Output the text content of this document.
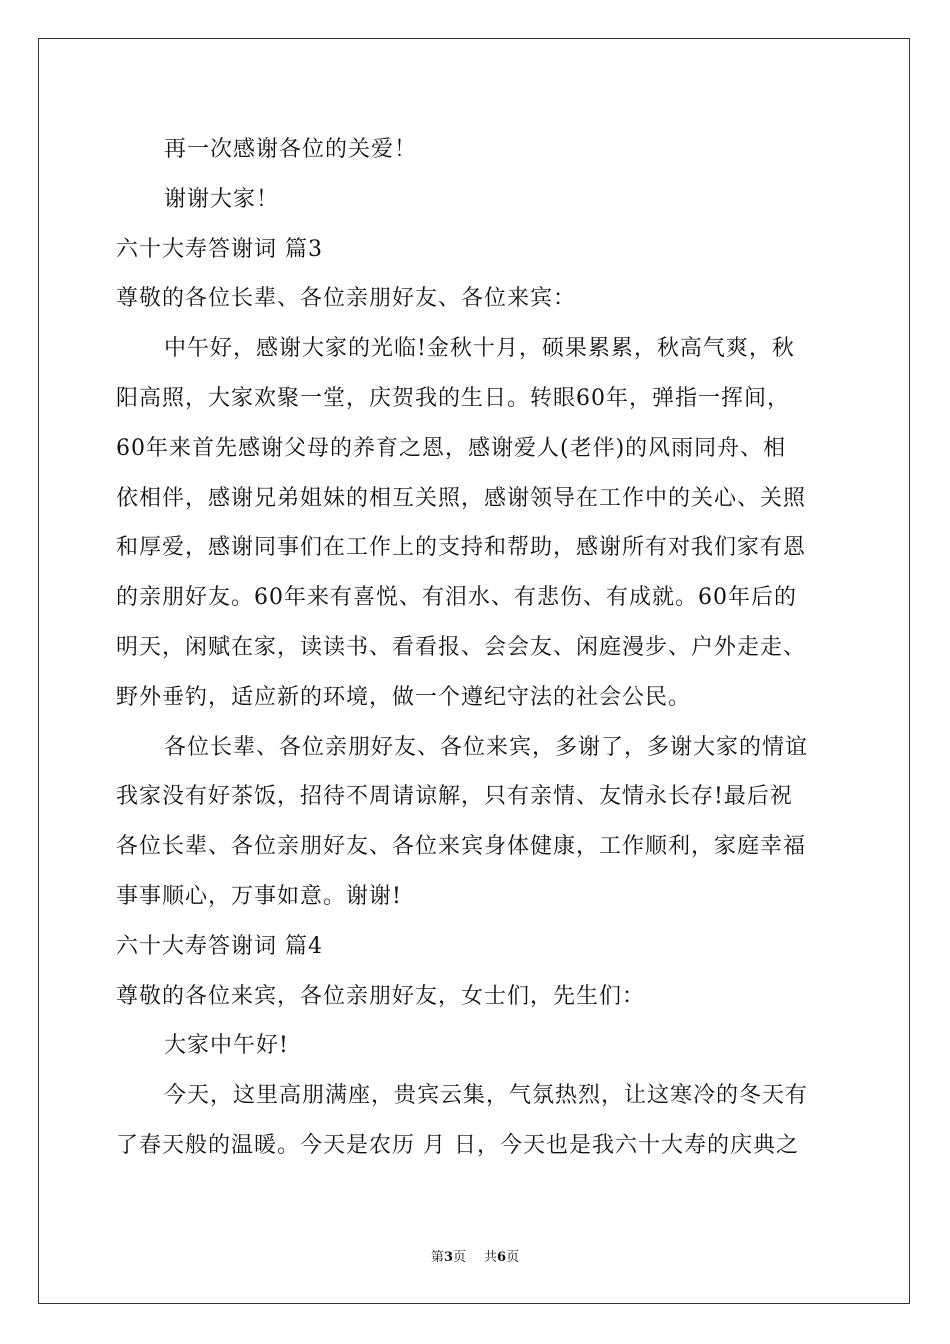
再一次感谢各位的关爱！
谢谢大家！
六十大寿答谢词 篇3
尊敬的各位长辈、各位亲朋好友、各位来宾：
中午好，感谢大家的光临!金秋十月，硕果累累，秋高气爽，秋
阳高照，大家欢聚一堂，庆贺我的生日。转眼60年，弹指一挥间，
60年来首先感谢父母的养育之恩，感谢爱人(老伴)的风雨同舟、相
依相伴，感谢兄弟姐妹的相互关照，感谢领导在工作中的关心、关照
和厚爱，感谢同事们在工作上的支持和帮助，感谢所有对我们家有恩
的亲朋好友。60年来有喜悦、有泪水、有悲伤、有成就。60年后的
明天，闲赋在家，读读书、看看报、会会友、闲庭漫步、户外走走、
野外垂钓，适应新的环境，做一个遵纪守法的社会公民。
各位长辈、各位亲朋好友、各位来宾，多谢了，多谢大家的情谊
我家没有好茶饭，招待不周请谅解，只有亲情、友情永长存!最后祝
各位长辈、各位亲朋好友、各位来宾身体健康，工作顺利，家庭幸福
事事顺心，万事如意。谢谢!
六十大寿答谢词 篇4
尊敬的各位来宾，各位亲朋好友，女士们，先生们：
大家中午好!
今天，这里高朋满座，贵宾云集，气氛热烈，让这寒冷的冬天有
了春天般的温暖。今天是农历 月 日，今天也是我六十大寿的庆典之
第3页 共6页
